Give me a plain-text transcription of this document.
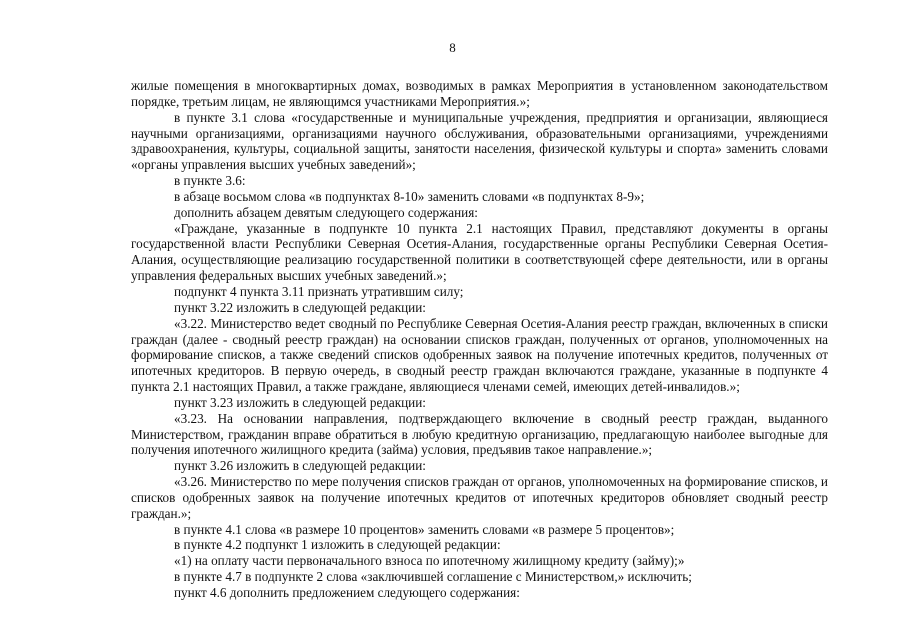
8

жилые помещения в многоквартирных домах, возводимых в рамках Мероприятия в установленном законодательством порядке, третьим лицам, не являющимся участниками Мероприятия.»;

в пункте 3.1 слова «государственные и муниципальные учреждения, предприятия и организации, являющиеся научными организациями, организациями научного обслуживания, образовательными организациями, учреждениями здравоохранения, культуры, социальной защиты, занятости населения, физической культуры и спорта» заменить словами «органы управления высших учебных заведений»;

в пункте 3.6:

в абзаце восьмом слова «в подпунктах 8-10» заменить словами «в подпунктах 8-9»;

дополнить абзацем девятым следующего содержания:

«Граждане, указанные в подпункте 10 пункта 2.1 настоящих Правил, представляют документы в органы государственной власти Республики Северная Осетия-Алания, государственные органы Республики Северная Осетия-Алания, осуществляющие реализацию государственной политики в соответствующей сфере деятельности, или в органы управления федеральных высших учебных заведений.»;

подпункт 4 пункта 3.11 признать утратившим силу;

пункт 3.22 изложить в следующей редакции:

«3.22. Министерство ведет сводный по Республике Северная Осетия-Алания реестр граждан, включенных в списки граждан (далее - сводный реестр граждан) на основании списков граждан, полученных от органов, уполномоченных на формирование списков, а также сведений списков одобренных заявок на получение ипотечных кредитов, полученных от ипотечных кредиторов. В первую очередь, в сводный реестр граждан включаются граждане, указанные в подпункте 4 пункта 2.1 настоящих Правил, а также граждане, являющиеся членами семей, имеющих детей-инвалидов.»;

пункт 3.23 изложить в следующей редакции:

«3.23. На основании направления, подтверждающего включение в сводный реестр граждан, выданного Министерством, гражданин вправе обратиться в любую кредитную организацию, предлагающую наиболее выгодные для получения ипотечного жилищного кредита (займа) условия, предъявив такое направление.»;

пункт 3.26 изложить в следующей редакции:

«3.26. Министерство по мере получения списков граждан от органов, уполномоченных на формирование списков, и списков одобренных заявок на получение ипотечных кредитов от ипотечных кредиторов обновляет сводный реестр граждан.»;

в пункте 4.1 слова «в размере 10 процентов» заменить словами «в размере 5 процентов»;

в пункте 4.2 подпункт 1 изложить в следующей редакции:

«1) на оплату части первоначального взноса по ипотечному жилищному кредиту (займу);»

в пункте 4.7 в подпункте 2 слова «заключившей соглашение с Министерством,» исключить;

пункт 4.6 дополнить предложением следующего содержания:
